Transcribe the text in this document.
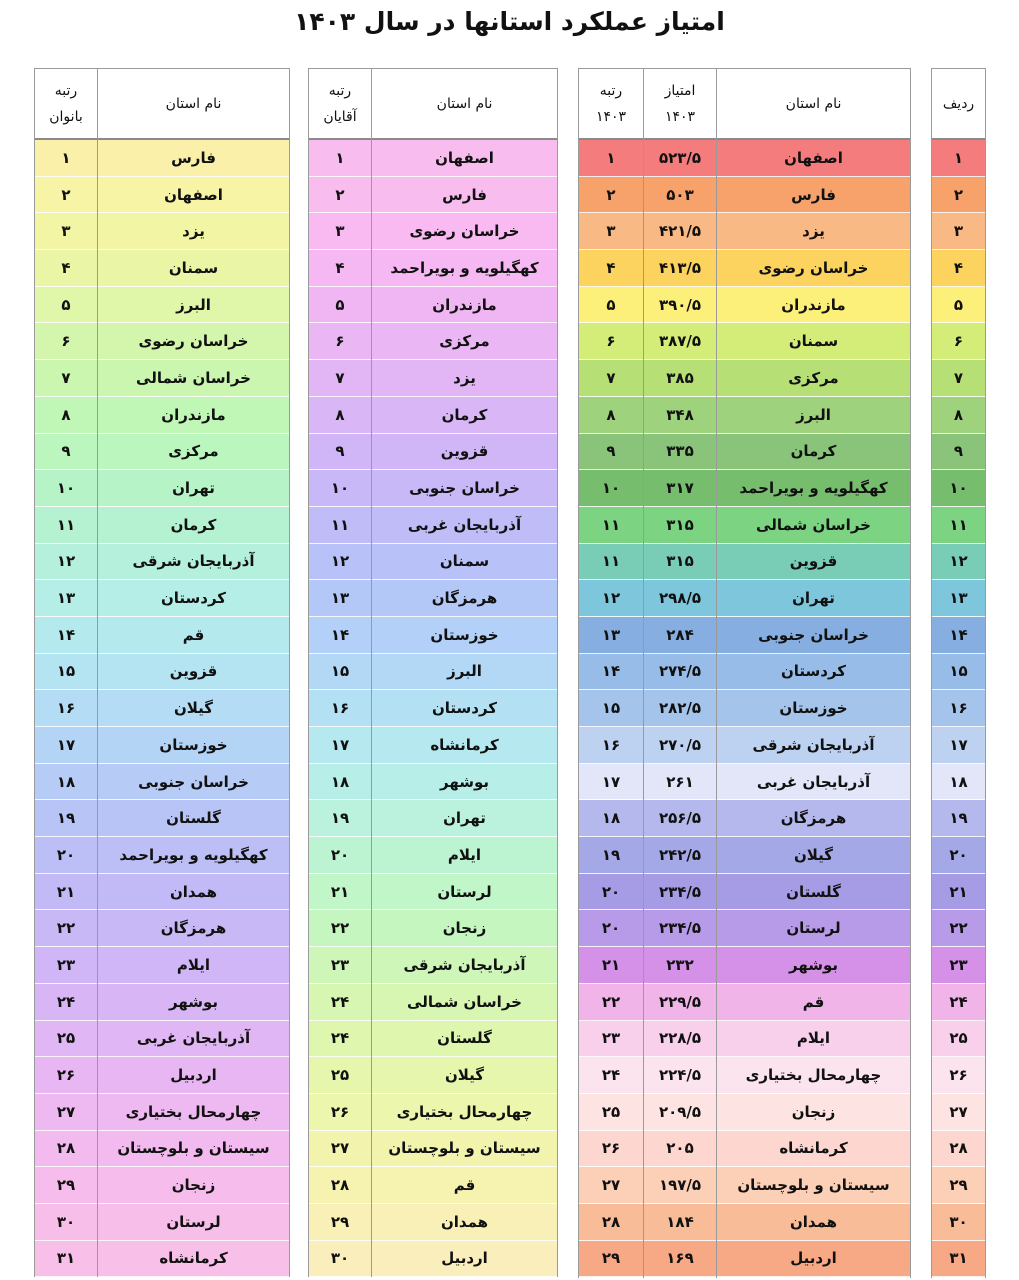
امتیاز عملکرد استانها در سال ۱۴۰۳
ردیف
۱
۲
۳
۴
۵
۶
۷
۸
۹
۱۰
۱۱
۱۲
۱۳
۱۴
۱۵
۱۶
۱۷
۱۸
۱۹
۲۰
۲۱
۲۲
۲۳
۲۴
۲۵
۲۶
۲۷
۲۸
۲۹
۳۰
۳۱
نام استان
اصفهان
فارس
یزد
خراسان رضوی
مازندران
سمنان
مرکزی
البرز
کرمان
کهگیلویه و بویراحمد
خراسان شمالی
قزوین
تهران
خراسان جنوبی
کردستان
خوزستان
آذربایجان شرقی
آذربایجان غربی
هرمزگان
گیلان
گلستان
لرستان
بوشهر
قم
ایلام
چهارمحال بختیاری
زنجان
کرمانشاه
سیستان و بلوچستان
همدان
اردبیل
امتیاز ۱۴۰۳
۵۲۳/۵
۵۰۳
۴۲۱/۵
۴۱۳/۵
۳۹۰/۵
۳۸۷/۵
۳۸۵
۳۴۸
۳۳۵
۳۱۷
۳۱۵
۳۱۵
۲۹۸/۵
۲۸۴
۲۷۴/۵
۲۸۲/۵
۲۷۰/۵
۲۶۱
۲۵۶/۵
۲۴۲/۵
۲۳۴/۵
۲۳۴/۵
۲۳۲
۲۲۹/۵
۲۲۸/۵
۲۲۴/۵
۲۰۹/۵
۲۰۵
۱۹۷/۵
۱۸۴
۱۶۹
رتبه ۱۴۰۳
۱
۲
۳
۴
۵
۶
۷
۸
۹
۱۰
۱۱
۱۱
۱۲
۱۳
۱۴
۱۵
۱۶
۱۷
۱۸
۱۹
۲۰
۲۰
۲۱
۲۲
۲۳
۲۴
۲۵
۲۶
۲۷
۲۸
۲۹
نام استان
اصفهان
فارس
خراسان رضوی
کهگیلویه و بویراحمد
مازندران
مرکزی
یزد
کرمان
قزوین
خراسان جنوبی
آذربایجان غربی
سمنان
هرمزگان
خوزستان
البرز
کردستان
کرمانشاه
بوشهر
تهران
ایلام
لرستان
زنجان
آذربایجان شرقی
خراسان شمالی
گلستان
گیلان
چهارمحال بختیاری
سیستان و بلوچستان
قم
همدان
اردبیل
رتبه آقایان
۱
۲
۳
۴
۵
۶
۷
۸
۹
۱۰
۱۱
۱۲
۱۳
۱۴
۱۵
۱۶
۱۷
۱۸
۱۹
۲۰
۲۱
۲۲
۲۳
۲۴
۲۴
۲۵
۲۶
۲۷
۲۸
۲۹
۳۰
نام استان
فارس
اصفهان
یزد
سمنان
البرز
خراسان رضوی
خراسان شمالی
مازندران
مرکزی
تهران
کرمان
آذربایجان شرقی
کردستان
قم
قزوین
گیلان
خوزستان
خراسان جنوبی
گلستان
کهگیلویه و بویراحمد
همدان
هرمزگان
ایلام
بوشهر
آذربایجان غربی
اردبیل
چهارمحال بختیاری
سیستان و بلوچستان
زنجان
لرستان
کرمانشاه
رتبه بانوان
۱
۲
۳
۴
۵
۶
۷
۸
۹
۱۰
۱۱
۱۲
۱۳
۱۴
۱۵
۱۶
۱۷
۱۸
۱۹
۲۰
۲۱
۲۲
۲۳
۲۴
۲۵
۲۶
۲۷
۲۸
۲۹
۳۰
۳۱
